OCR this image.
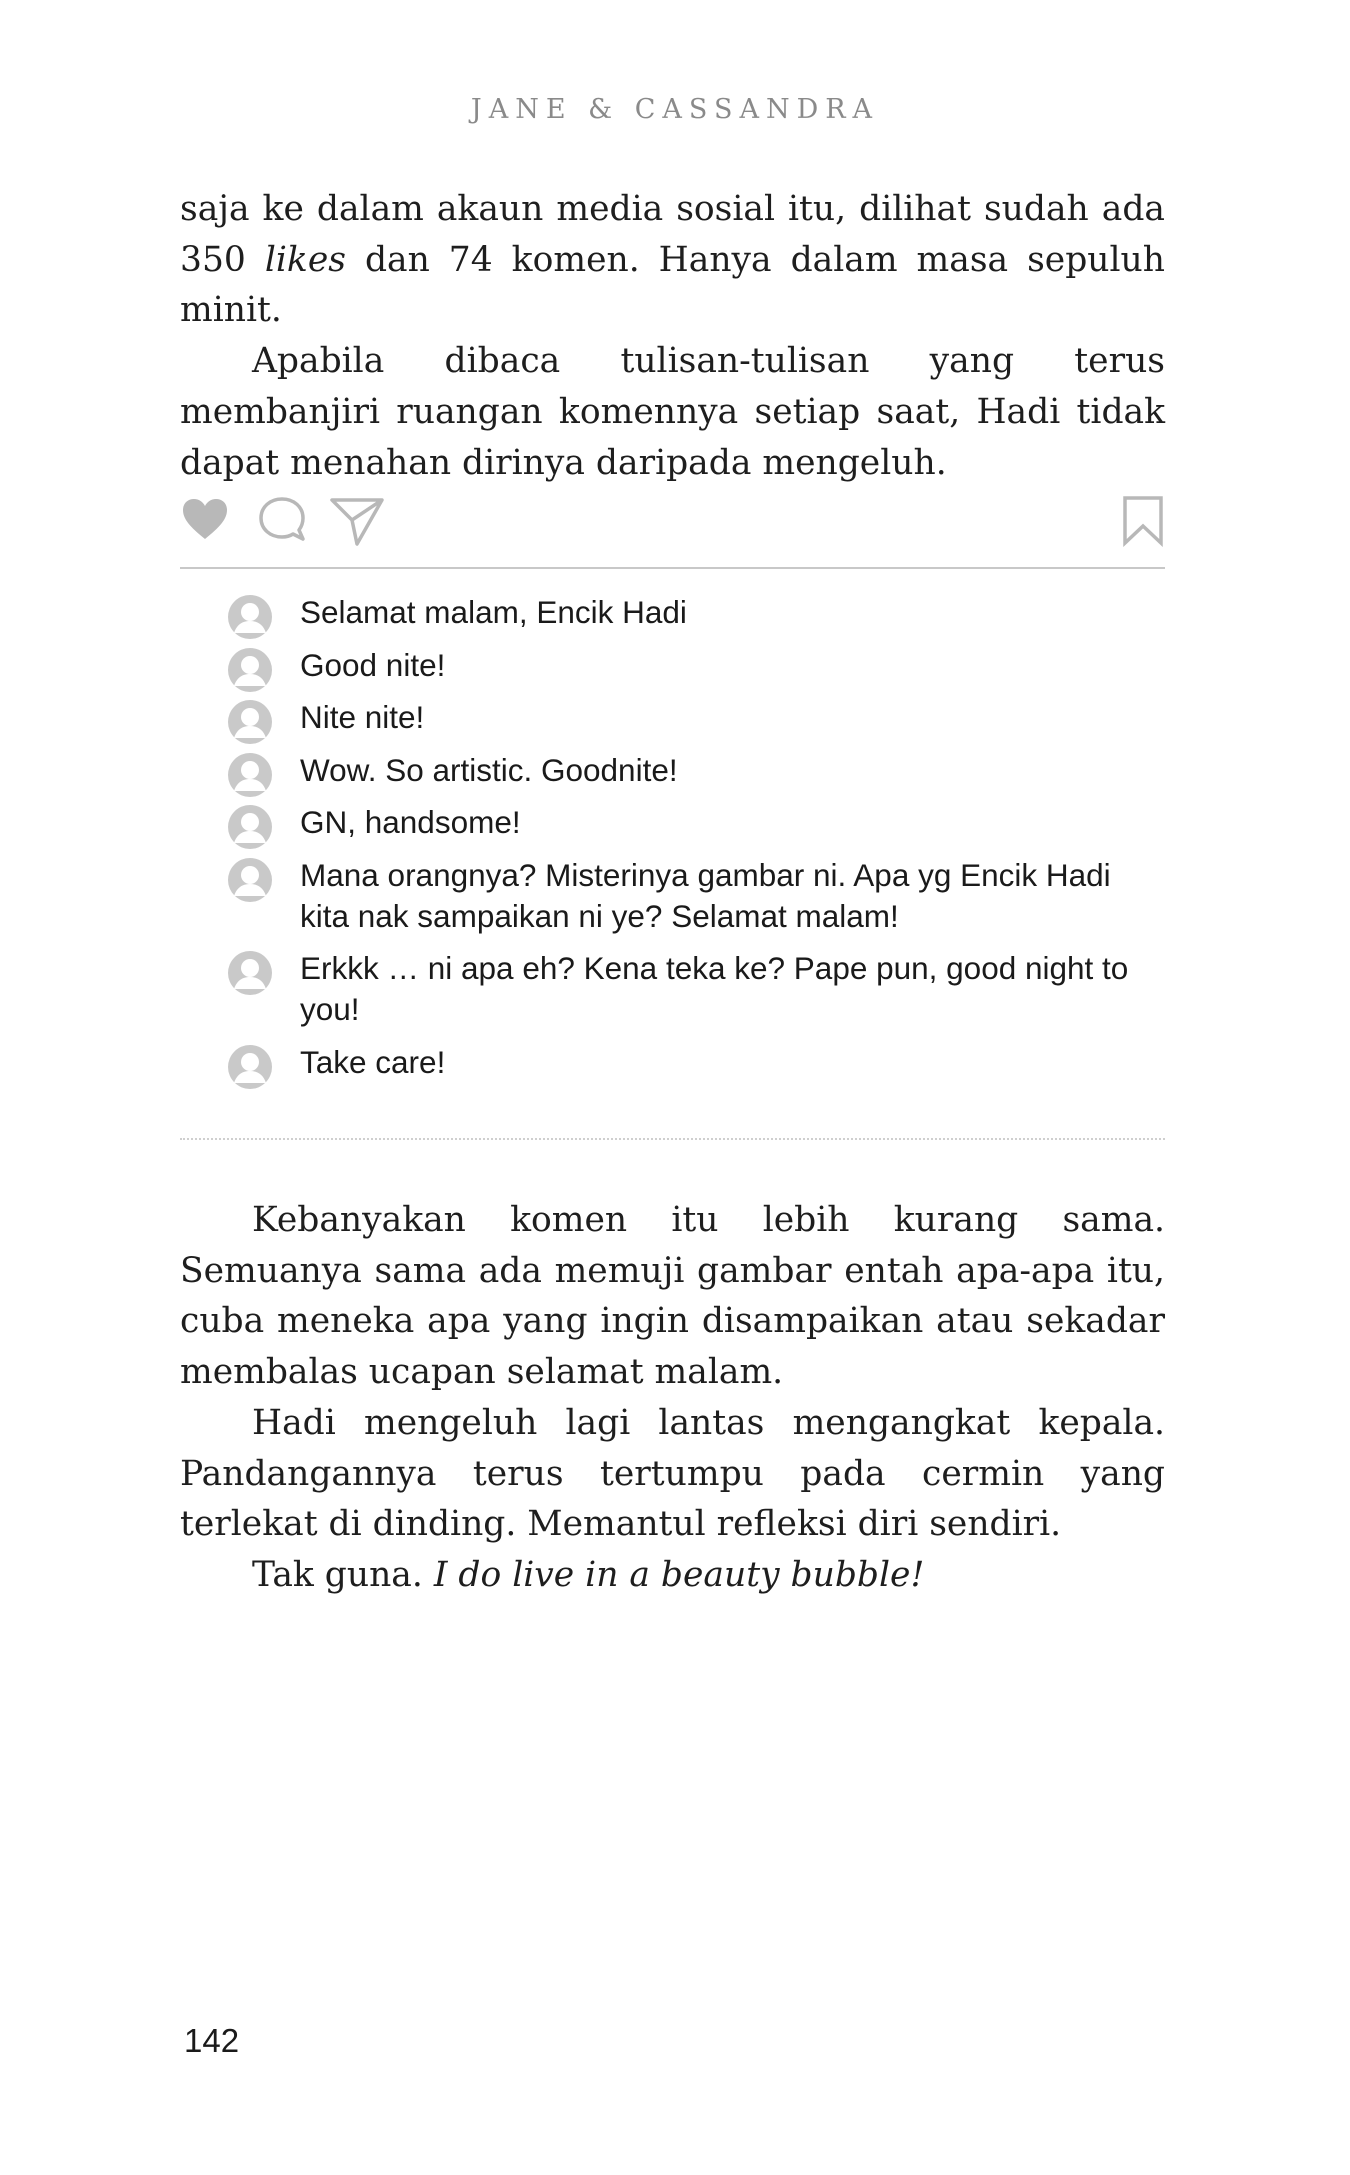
JANE & CASSANDRA

saja ke dalam akaun media sosial itu, dilihat sudah ada 350 likes dan 74 komen. Hanya dalam masa sepuluh minit.

Apabila dibaca tulisan-tulisan yang terus membanjiri ruangan komennya setiap saat, Hadi tidak dapat menahan dirinya daripada mengeluh.

Selamat malam, Encik Hadi
Good nite!
Nite nite!
Wow. So artistic. Goodnite!
GN, handsome!
Mana orangnya? Misterinya gambar ni. Apa yg Encik Hadi kita nak sampaikan ni ye? Selamat malam!
Erkkk … ni apa eh? Kena teka ke? Pape pun, good night to you!
Take care!

Kebanyakan komen itu lebih kurang sama. Semuanya sama ada memuji gambar entah apa-apa itu, cuba meneka apa yang ingin disampaikan atau sekadar membalas ucapan selamat malam.

Hadi mengeluh lagi lantas mengangkat kepala. Pandangannya terus tertumpu pada cermin yang terlekat di dinding. Memantul refleksi diri sendiri.

Tak guna. I do live in a beauty bubble!

142
